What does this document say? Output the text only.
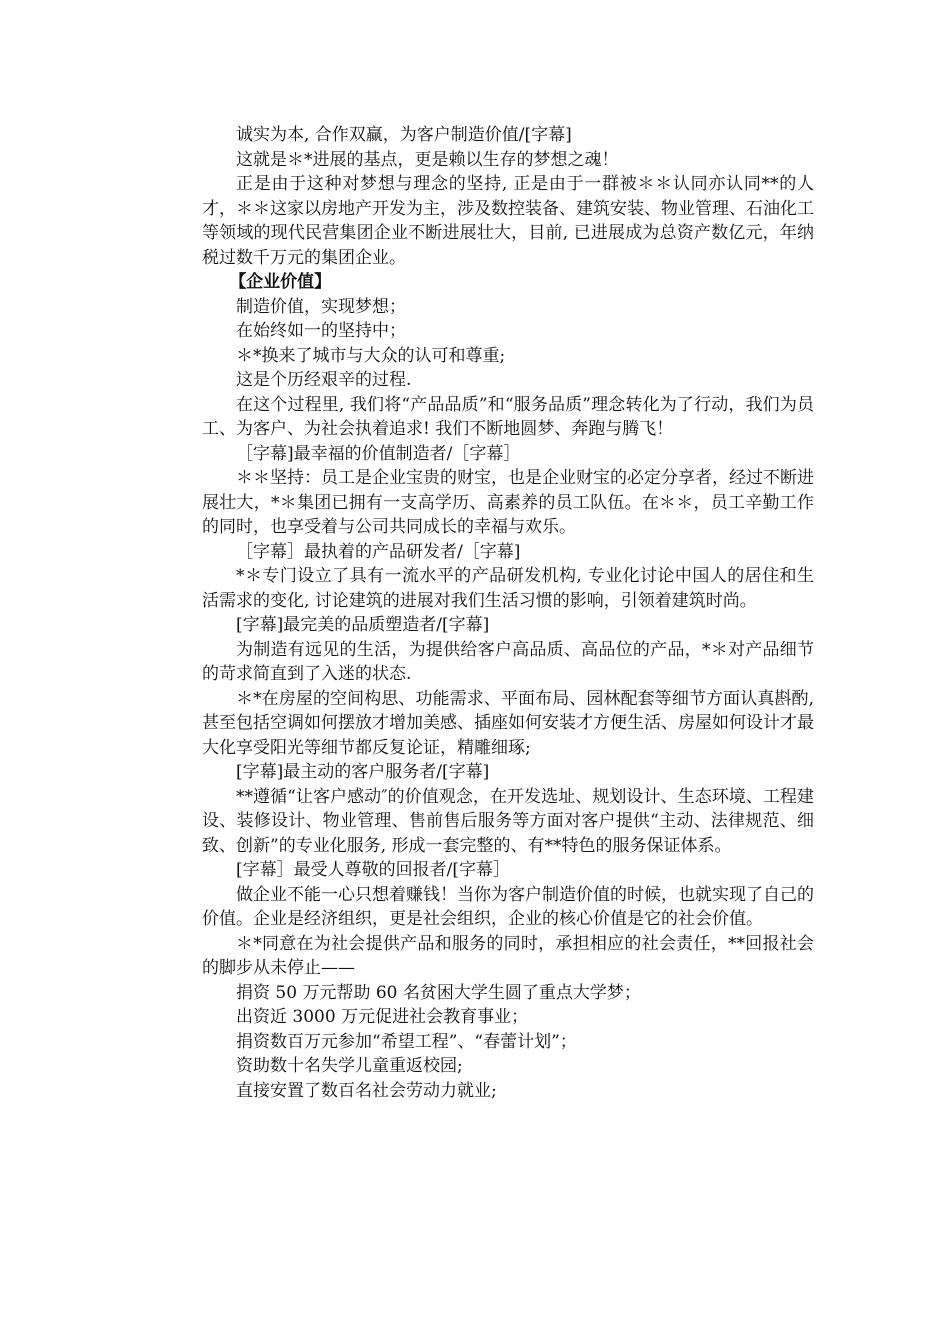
诚实为本, 合作双赢，为客户制造价值/[字幕]

这就是＊*进展的基点，更是赖以生存的梦想之魂！

正是由于这种对梦想与理念的坚持, 正是由于一群被＊＊认同亦认同**的人才，＊＊这家以房地产开发为主，涉及数控装备、建筑安装、物业管理、石油化工等领域的现代民营集团企业不断进展壮大，目前, 已进展成为总资产数亿元，年纳税过数千万元的集团企业。

【企业价值】

制造价值，实现梦想；

在始终如一的坚持中；

＊*换来了城市与大众的认可和尊重;

这是个历经艰辛的过程.

在这个过程里, 我们将“产品品质”和“服务品质”理念转化为了行动，我们为员工、为客户、为社会执着追求! 我们不断地圆梦、奔跑与腾飞！

［字幕]最幸福的价值制造者/［字幕］

＊＊坚持：员工是企业宝贵的财宝，也是企业财宝的必定分享者，经过不断进展壮大，*＊集团已拥有一支高学历、高素养的员工队伍。在＊＊，员工辛勤工作的同时，也享受着与公司共同成长的幸福与欢乐。

［字幕］最执着的产品研发者/［字幕]

*＊专门设立了具有一流水平的产品研发机构, 专业化讨论中国人的居住和生活需求的变化, 讨论建筑的进展对我们生活习惯的影响，引领着建筑时尚。

[字幕]最完美的品质塑造者/[字幕]

为制造有远见的生活，为提供给客户高品质、高品位的产品，*＊对产品细节的苛求简直到了入迷的状态.

＊*在房屋的空间构思、功能需求、平面布局、园林配套等细节方面认真斟酌, 甚至包括空调如何摆放才增加美感、插座如何安装才方便生活、房屋如何设计才最大化享受阳光等细节都反复论证，精雕细琢;

[字幕]最主动的客户服务者/[字幕]

**遵循“让客户感动″的价值观念，在开发选址、规划设计、生态环境、工程建设、装修设计、物业管理、售前售后服务等方面对客户提供“主动、法律规范、细致、创新”的专业化服务, 形成一套完整的、有**特色的服务保证体系。

[字幕］最受人尊敬的回报者/[字幕］

做企业不能一心只想着赚钱！当你为客户制造价值的时候，也就实现了自己的价值。企业是经济组织，更是社会组织，企业的核心价值是它的社会价值。

＊*同意在为社会提供产品和服务的同时，承担相应的社会责任，**回报社会的脚步从未停止——

捐资 50 万元帮助 60 名贫困大学生圆了重点大学梦；

出资近 3000 万元促进社会教育事业；

捐资数百万元参加“希望工程”、“春蕾计划”；

资助数十名失学儿童重返校园;

直接安置了数百名社会劳动力就业;
